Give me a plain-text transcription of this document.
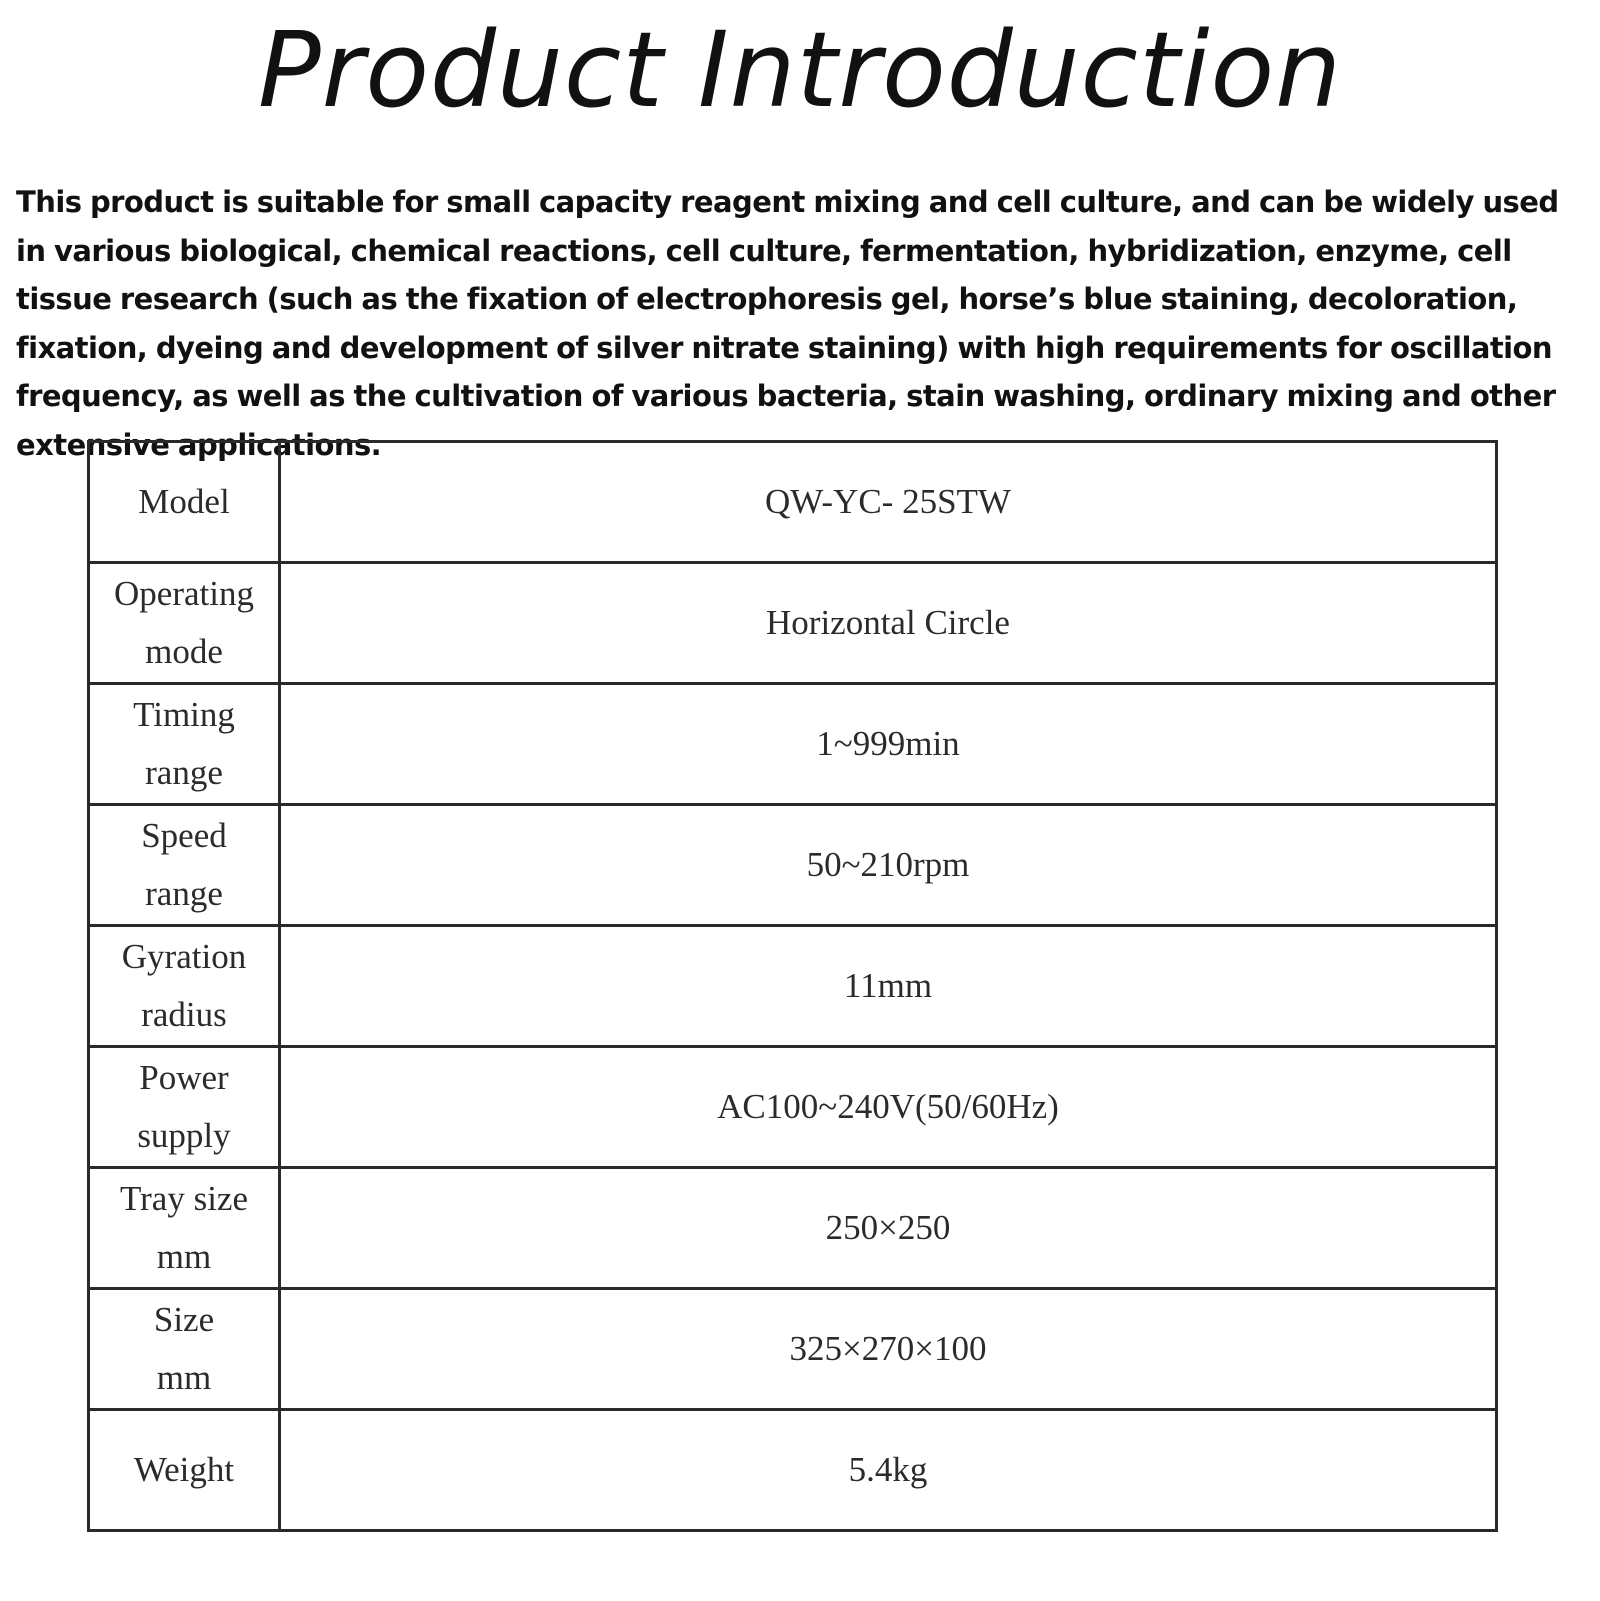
Product Introduction

This product is suitable for small capacity reagent mixing and cell culture, and can be widely used in various biological, chemical reactions, cell culture, fermentation, hybridization, enzyme, cell tissue research (such as the fixation of electrophoresis gel, horse’s blue staining, decoloration, fixation, dyeing and development of silver nitrate staining) with high requirements for oscillation frequency, as well as the cultivation of various bacteria, stain washing, ordinary mixing and other extensive applications.

Model	QW-YC- 25STW

Operating
mode	Horizontal Circle

Timing
range	1~999min

Speed
range	50~210rpm

Gyration
radius	11mm

Power
supply	AC100~240V(50/60Hz)

Tray size
mm	250×250

Size
mm	325×270×100

Weight	5.4kg
